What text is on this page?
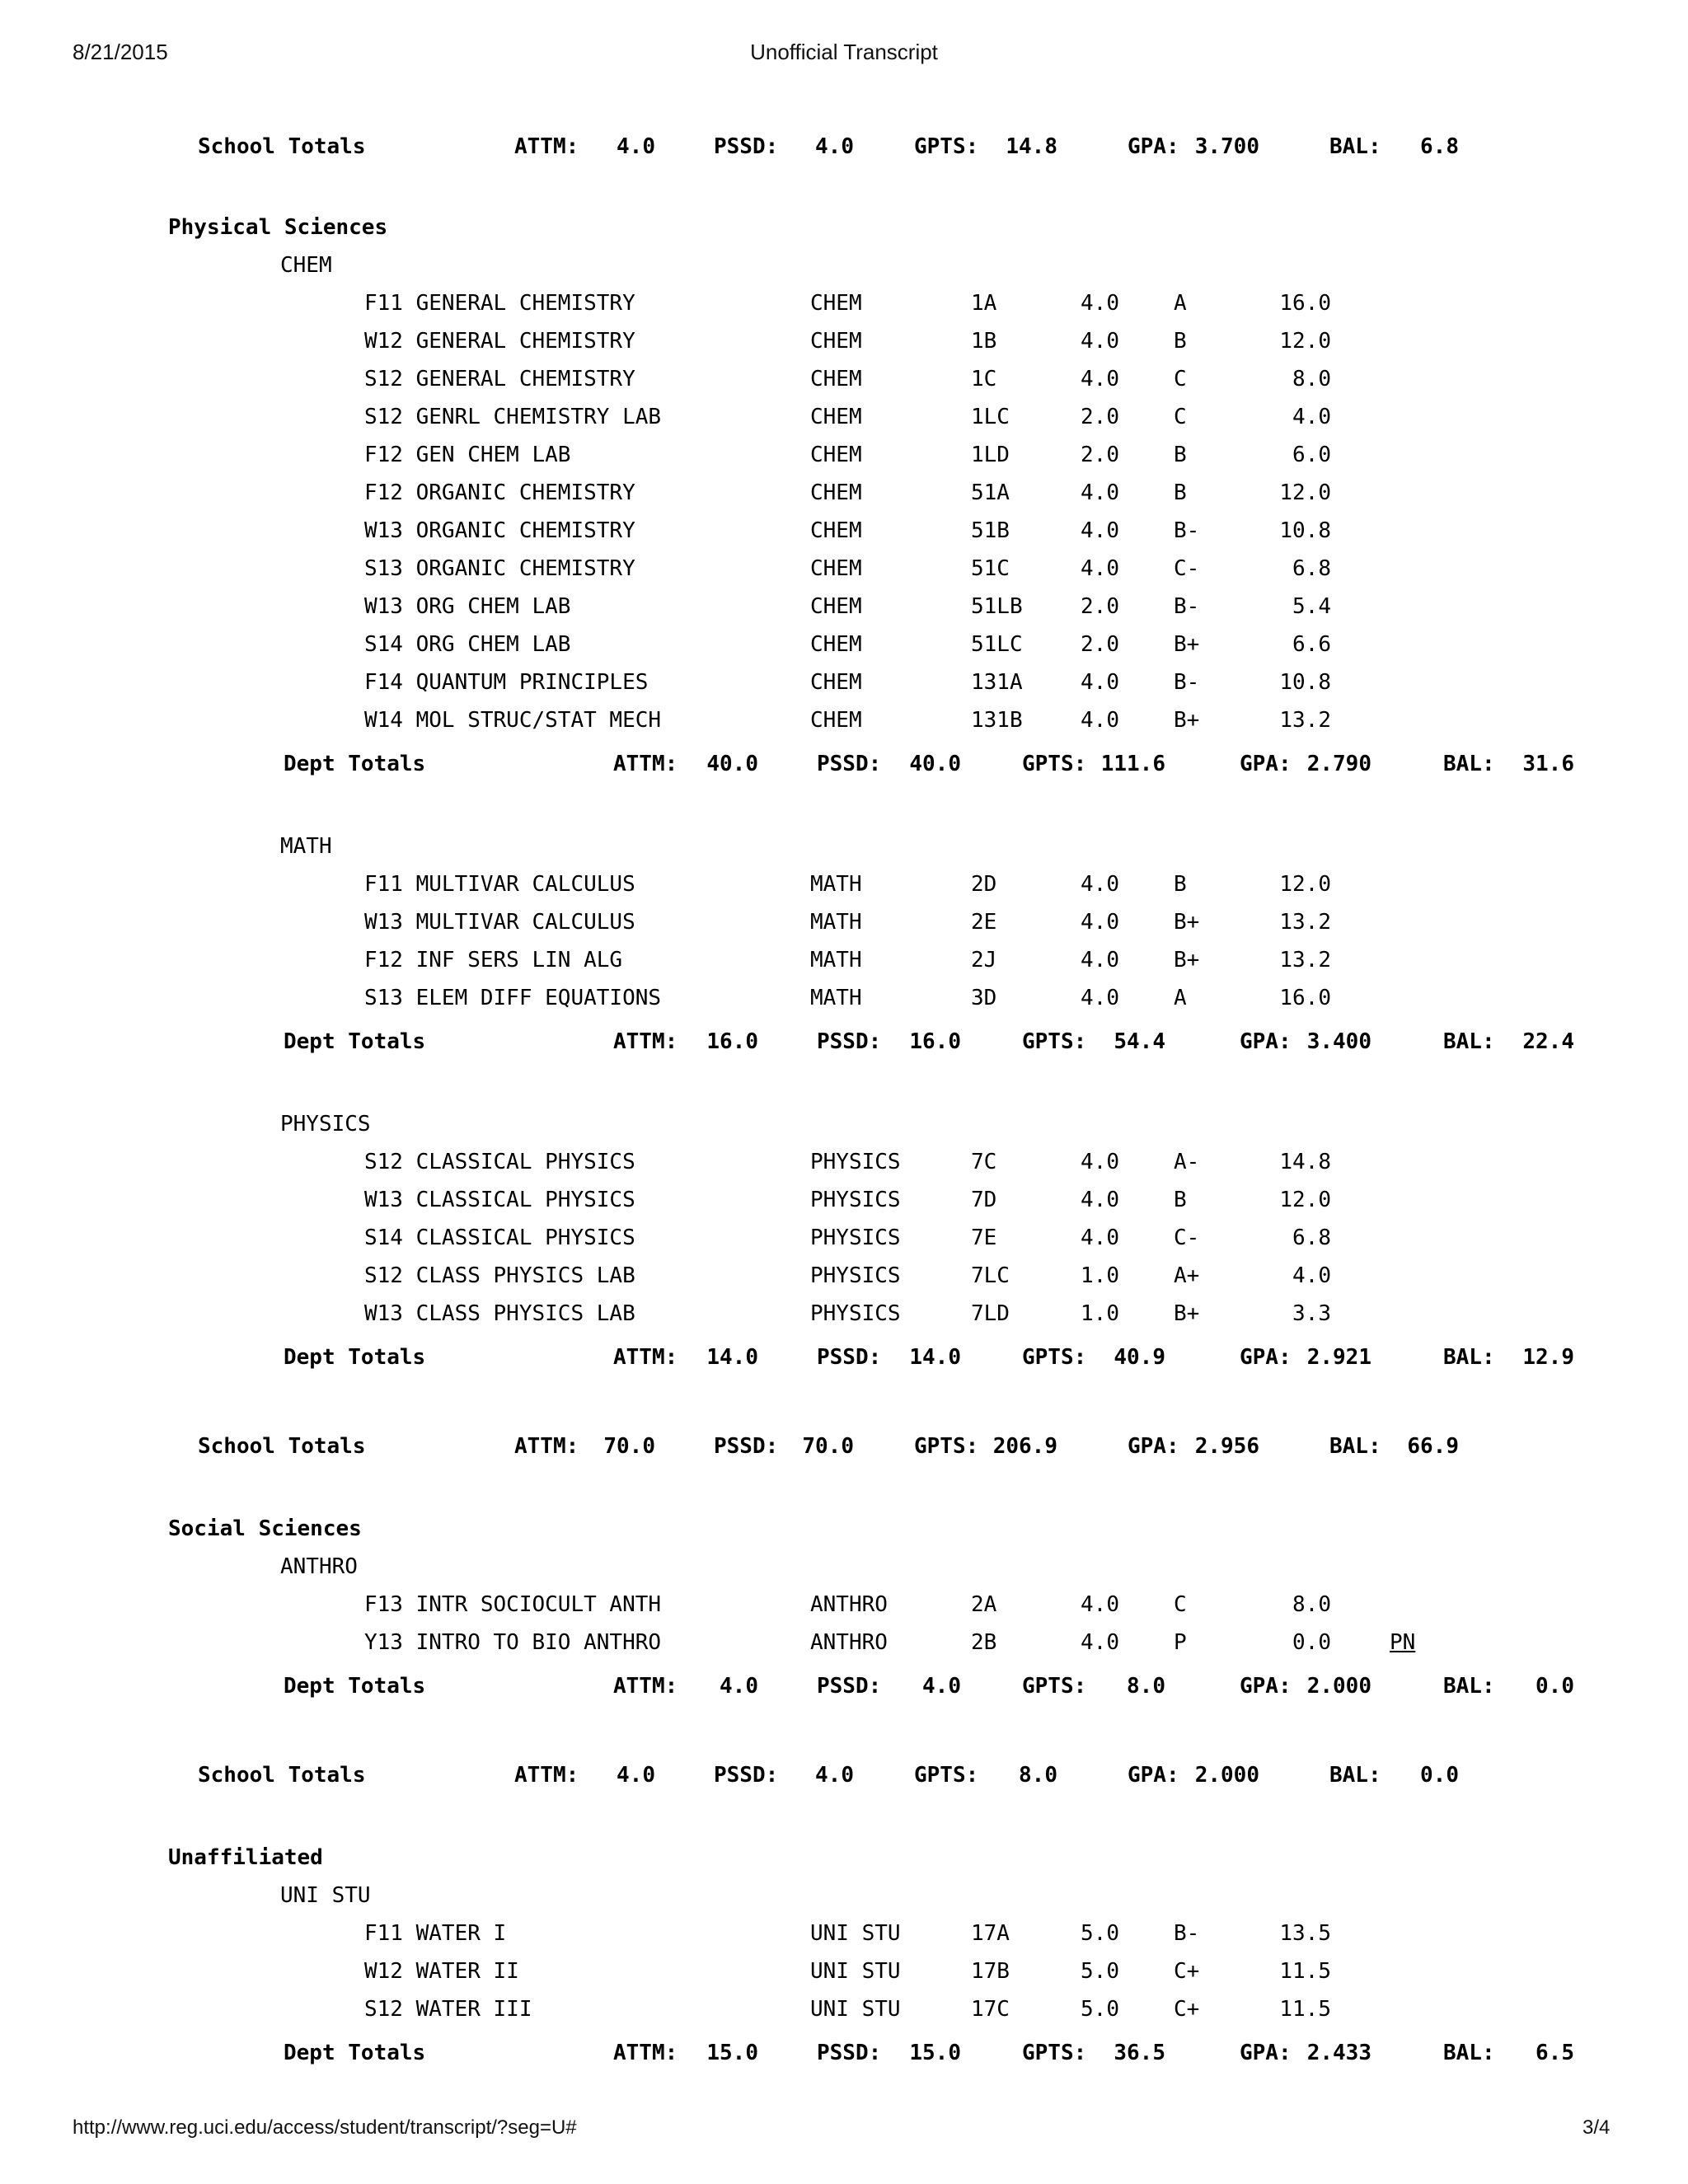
8/21/2015	Unofficial Transcript
School Totals	ATTM: 4.0	PSSD: 4.0	GPTS: 14.8	GPA: 3.700	BAL: 6.8
Physical Sciences
CHEM
F11 GENERAL CHEMISTRY	CHEM	1A	4.0	A	16.0
W12 GENERAL CHEMISTRY	CHEM	1B	4.0	B	12.0
S12 GENERAL CHEMISTRY	CHEM	1C	4.0	C	8.0
S12 GENRL CHEMISTRY LAB	CHEM	1LC	2.0	C	4.0
F12 GEN CHEM LAB	CHEM	1LD	2.0	B	6.0
F12 ORGANIC CHEMISTRY	CHEM	51A	4.0	B	12.0
W13 ORGANIC CHEMISTRY	CHEM	51B	4.0	B-	10.8
S13 ORGANIC CHEMISTRY	CHEM	51C	4.0	C-	6.8
W13 ORG CHEM LAB	CHEM	51LB	2.0	B-	5.4
S14 ORG CHEM LAB	CHEM	51LC	2.0	B+	6.6
F14 QUANTUM PRINCIPLES	CHEM	131A	4.0	B-	10.8
W14 MOL STRUC/STAT MECH	CHEM	131B	4.0	B+	13.2
Dept Totals	ATTM: 40.0	PSSD: 40.0	GPTS: 111.6	GPA: 2.790	BAL: 31.6
MATH
F11 MULTIVAR CALCULUS	MATH	2D	4.0	B	12.0
W13 MULTIVAR CALCULUS	MATH	2E	4.0	B+	13.2
F12 INF SERS LIN ALG	MATH	2J	4.0	B+	13.2
S13 ELEM DIFF EQUATIONS	MATH	3D	4.0	A	16.0
Dept Totals	ATTM: 16.0	PSSD: 16.0	GPTS: 54.4	GPA: 3.400	BAL: 22.4
PHYSICS
S12 CLASSICAL PHYSICS	PHYSICS	7C	4.0	A-	14.8
W13 CLASSICAL PHYSICS	PHYSICS	7D	4.0	B	12.0
S14 CLASSICAL PHYSICS	PHYSICS	7E	4.0	C-	6.8
S12 CLASS PHYSICS LAB	PHYSICS	7LC	1.0	A+	4.0
W13 CLASS PHYSICS LAB	PHYSICS	7LD	1.0	B+	3.3
Dept Totals	ATTM: 14.0	PSSD: 14.0	GPTS: 40.9	GPA: 2.921	BAL: 12.9
School Totals	ATTM: 70.0	PSSD: 70.0	GPTS: 206.9	GPA: 2.956	BAL: 66.9
Social Sciences
ANTHRO
F13 INTR SOCIOCULT ANTH	ANTHRO	2A	4.0	C	8.0
Y13 INTRO TO BIO ANTHRO	ANTHRO	2B	4.0	P	0.0	PN
Dept Totals	ATTM: 4.0	PSSD: 4.0	GPTS: 8.0	GPA: 2.000	BAL: 0.0
School Totals	ATTM: 4.0	PSSD: 4.0	GPTS: 8.0	GPA: 2.000	BAL: 0.0
Unaffiliated
UNI STU
F11 WATER I	UNI STU	17A	5.0	B-	13.5
W12 WATER II	UNI STU	17B	5.0	C+	11.5
S12 WATER III	UNI STU	17C	5.0	C+	11.5
Dept Totals	ATTM: 15.0	PSSD: 15.0	GPTS: 36.5	GPA: 2.433	BAL: 6.5
http://www.reg.uci.edu/access/student/transcript/?seg=U#	3/4
